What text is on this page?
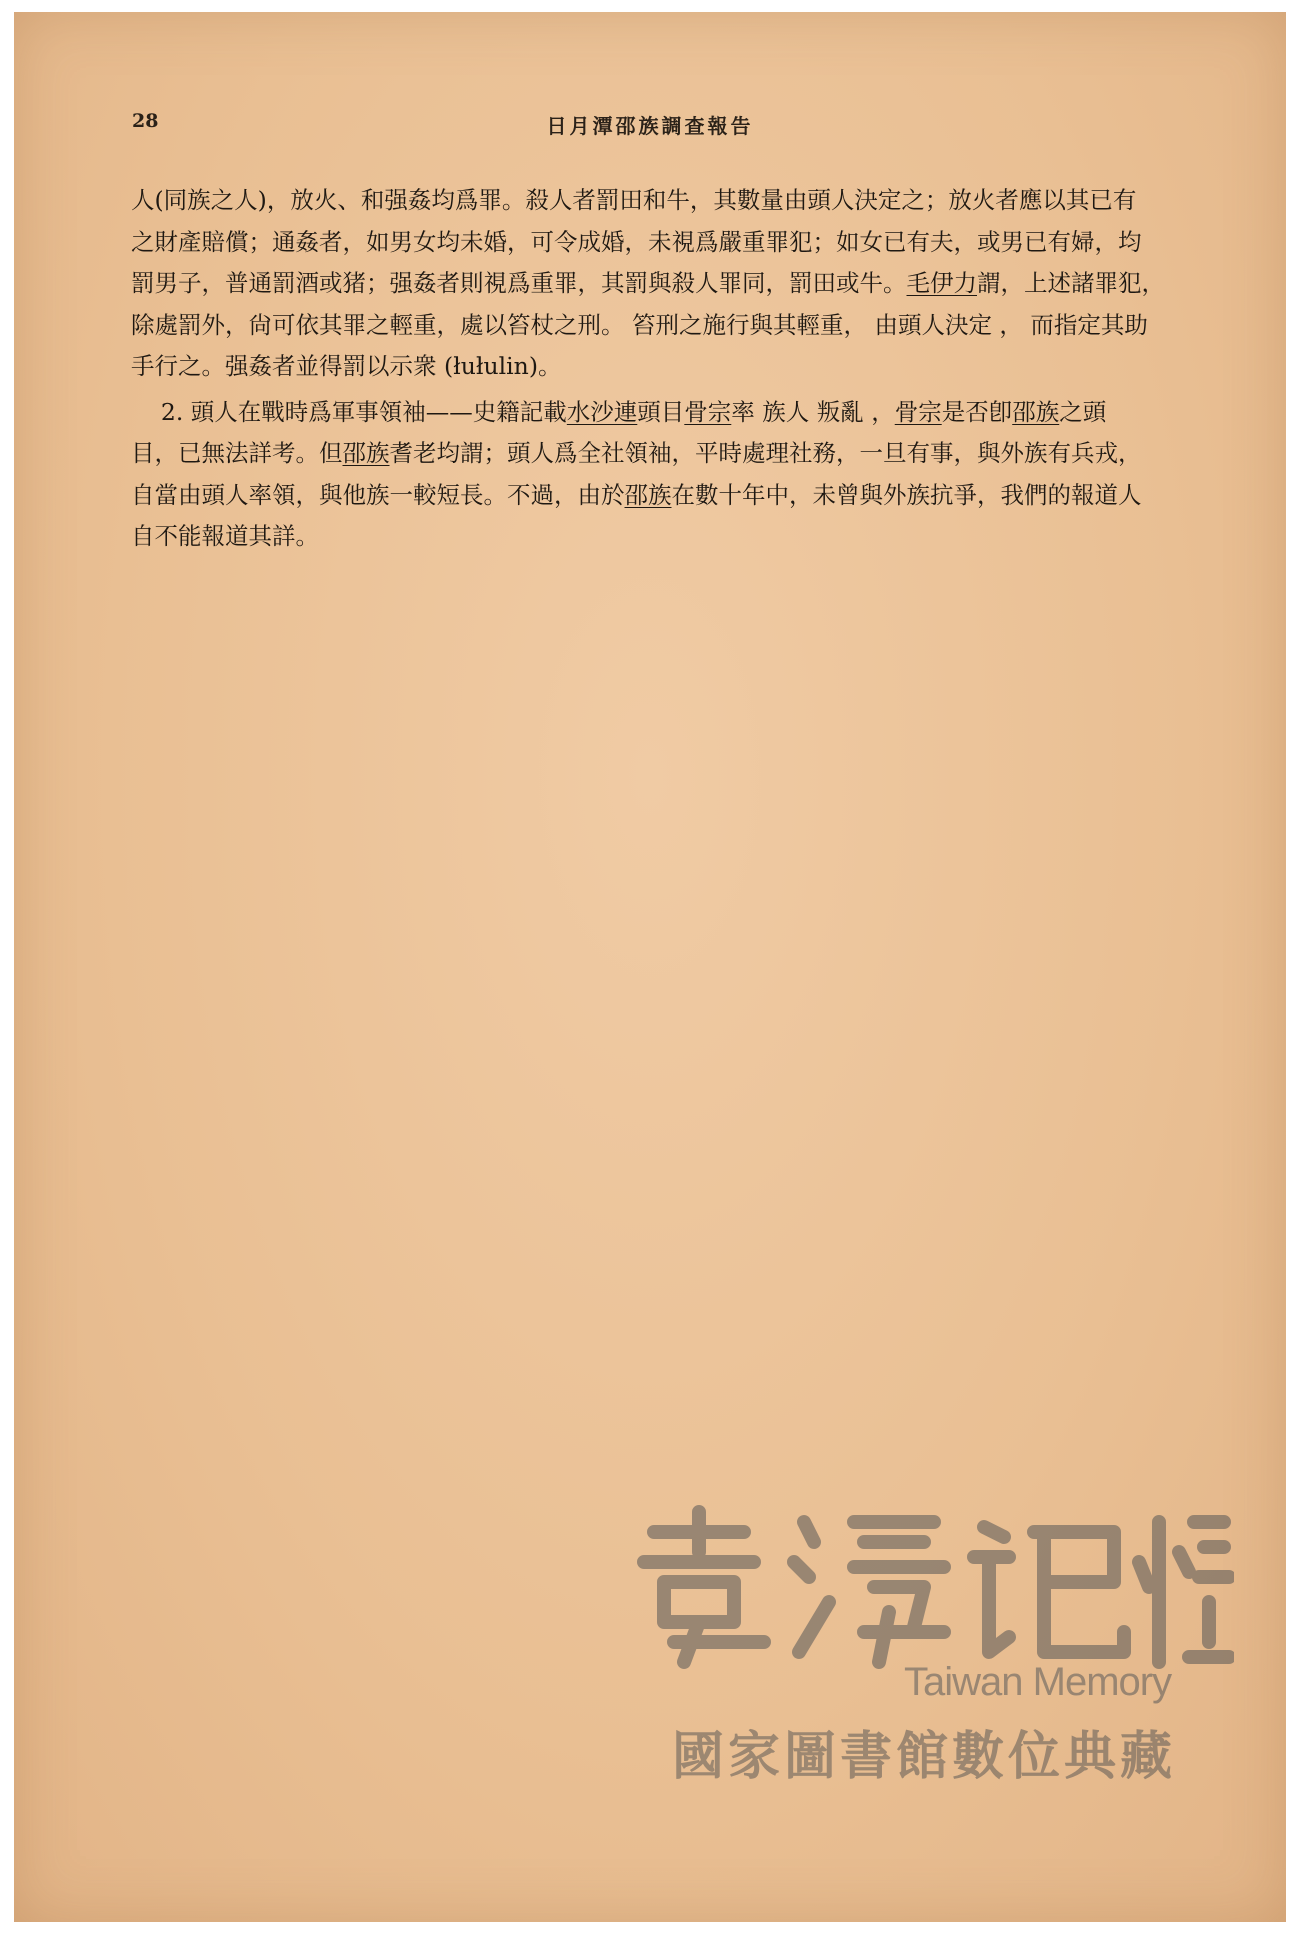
28	日月潭邵族調查報告
人(同族之人)，放火、和强姦均爲罪。殺人者罰田和牛，其數量由頭人決定之；放火者應以其已有
之財產賠償；通姦者，如男女均未婚，可令成婚，未視爲嚴重罪犯；如女已有夫，或男已有婦，均
罰男子，普通罰酒或猪；强姦者則視爲重罪，其罰與殺人罪同，罰田或牛。毛伊力謂，上述諸罪犯，
除處罰外，尙可依其罪之輕重，處以笞杖之刑。 笞刑之施行與其輕重， 由頭人決定 ， 而指定其助
手行之。强姦者並得罰以示衆 (łułulin)。
2. 頭人在戰時爲軍事領袖——史籍記載水沙連頭目骨宗率 族人 叛亂 ，骨宗是否卽邵族之頭
目，已無法詳考。但邵族耆老均謂；頭人爲全社領袖，平時處理社務，一旦有事，與外族有兵戎，
自當由頭人率領，與他族一較短長。不過，由於邵族在數十年中，未曾與外族抗爭，我們的報道人
自不能報道其詳。
臺灣記憶
Taiwan Memory
國家圖書館數位典藏
